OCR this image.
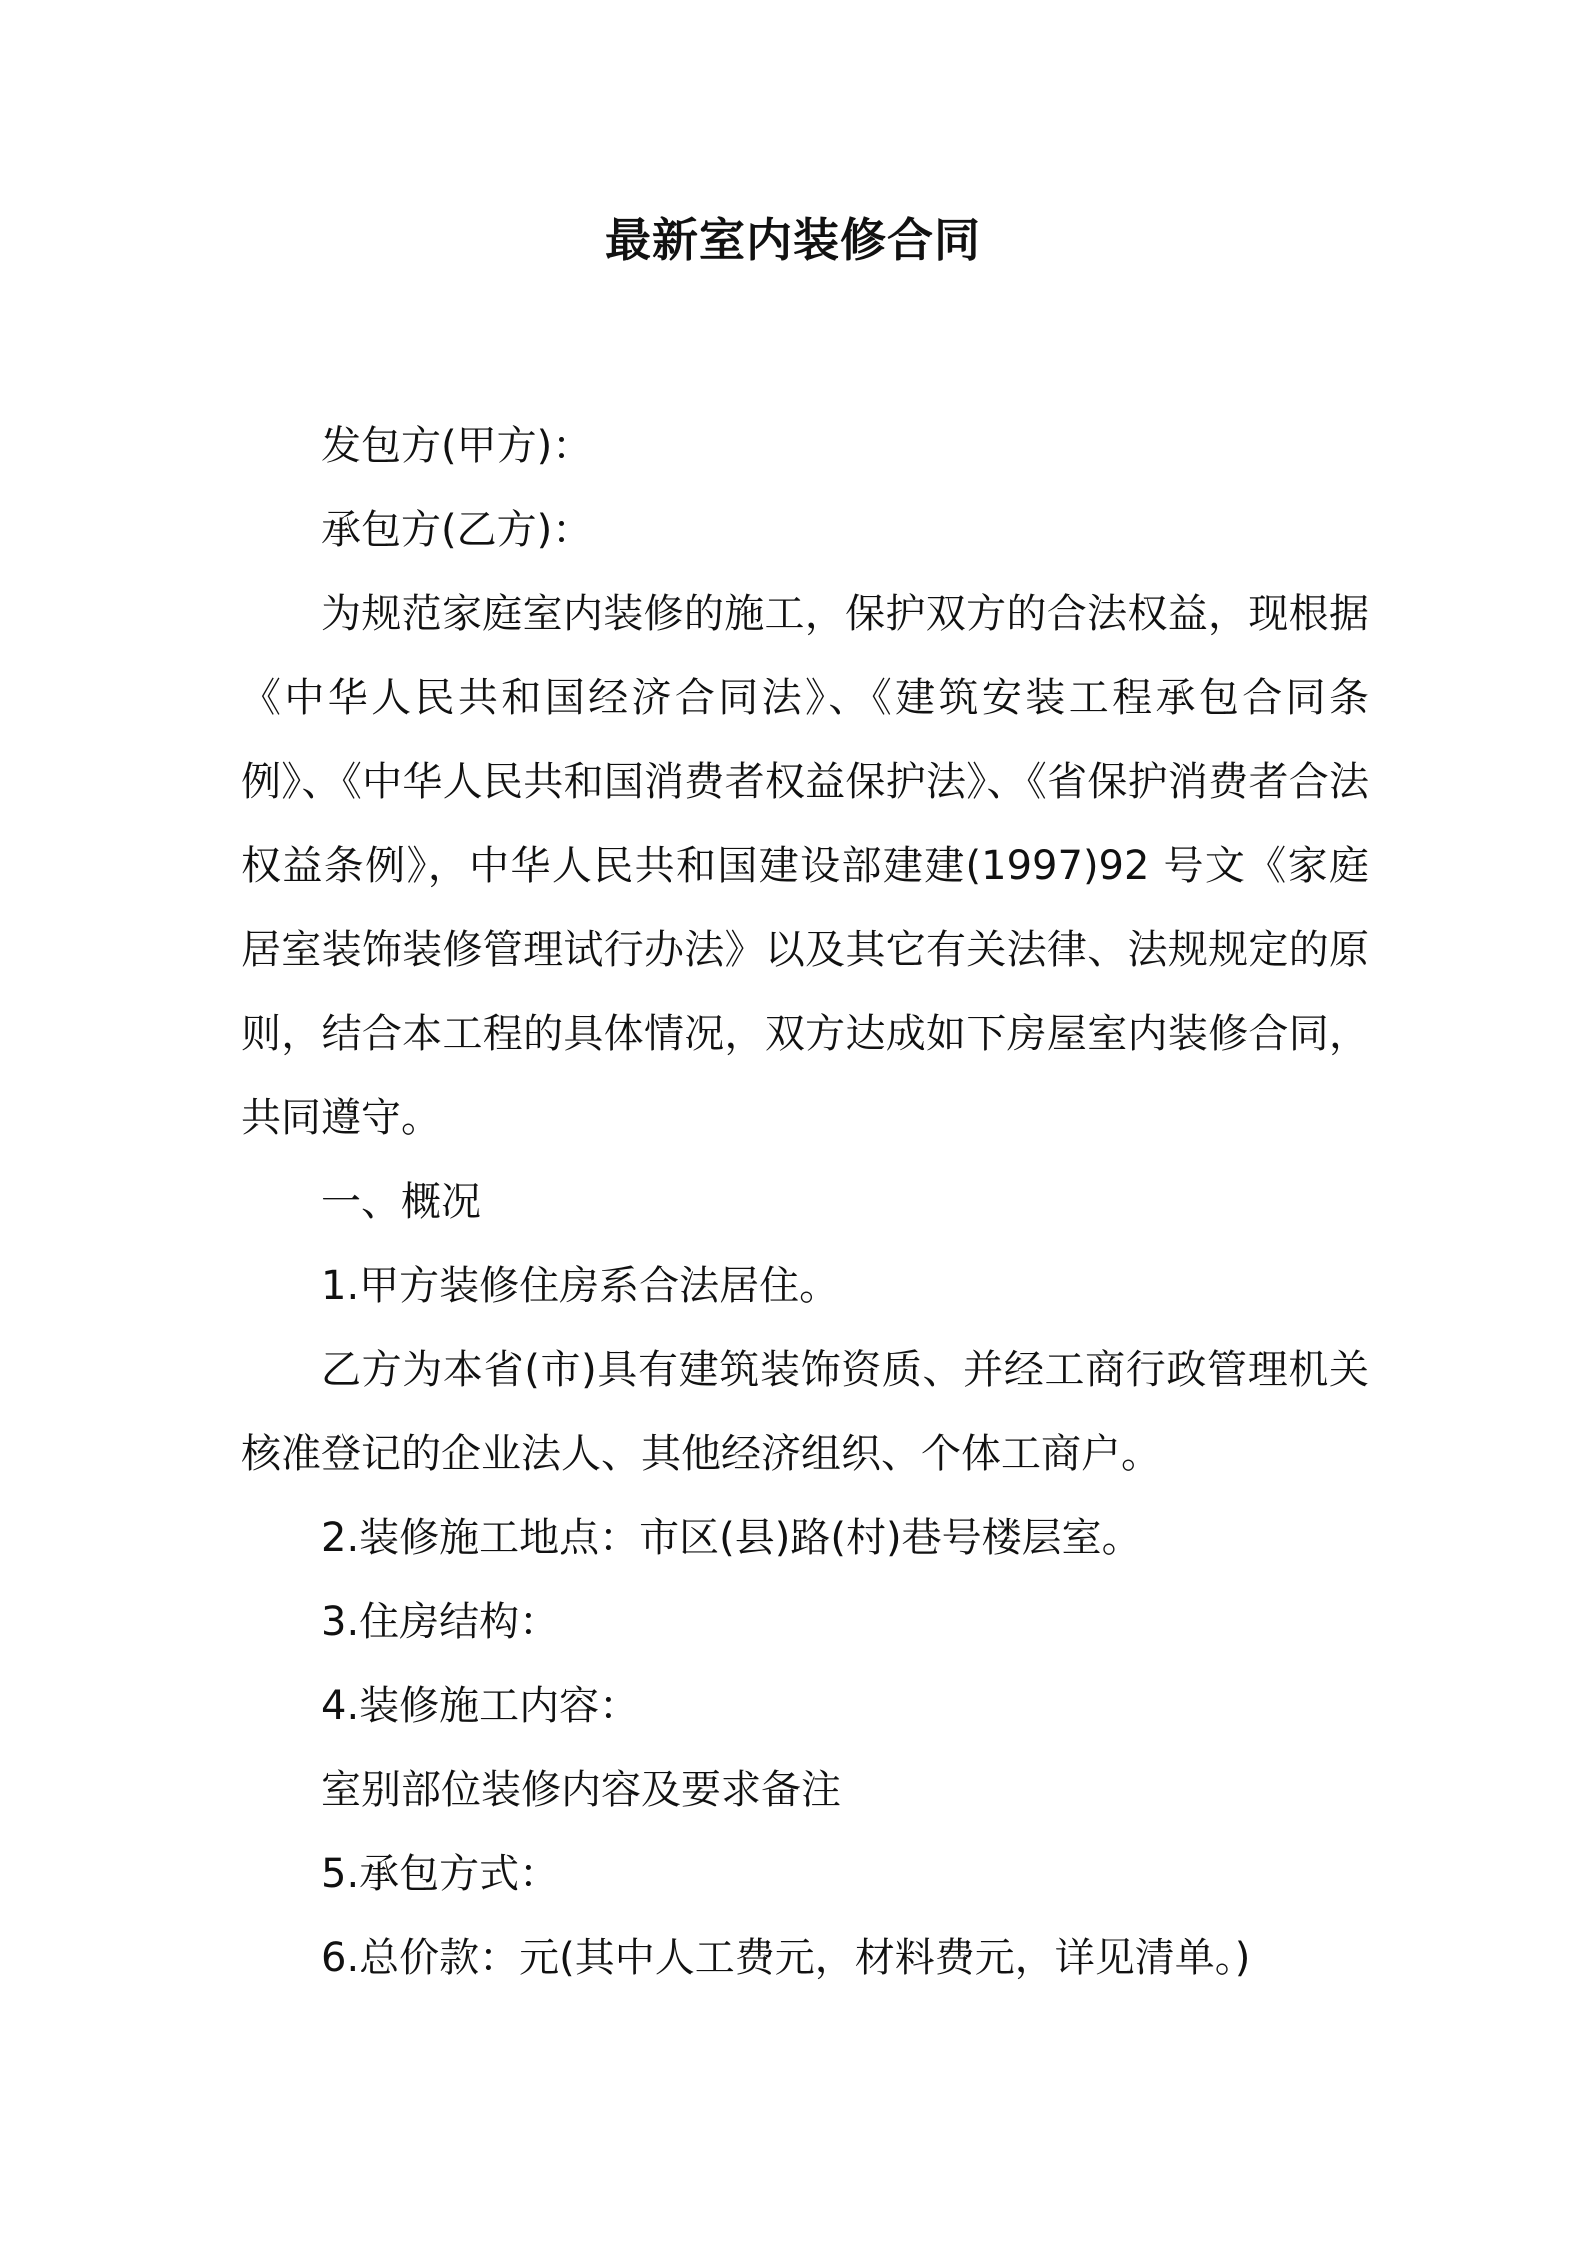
最新室内装修合同

发包方(甲方)：

承包方(乙方)：

为规范家庭室内装修的施工，保护双方的合法权益，现根据《中华人民共和国经济合同法》、《建筑安装工程承包合同条例》、《中华人民共和国消费者权益保护法》、《省保护消费者合法权益条例》，中华人民共和国建设部建建(1997)92 号文《家庭居室装饰装修管理试行办法》以及其它有关法律、法规规定的原则，结合本工程的具体情况，双方达成如下房屋室内装修合同，共同遵守。

一、概况

1.甲方装修住房系合法居住。

乙方为本省(市)具有建筑装饰资质、并经工商行政管理机关核准登记的企业法人、其他经济组织、个体工商户。

2.装修施工地点：市区(县)路(村)巷号楼层室。

3.住房结构：

4.装修施工内容：

室别部位装修内容及要求备注

5.承包方式：

6.总价款：元(其中人工费元，材料费元，详见清单。)
